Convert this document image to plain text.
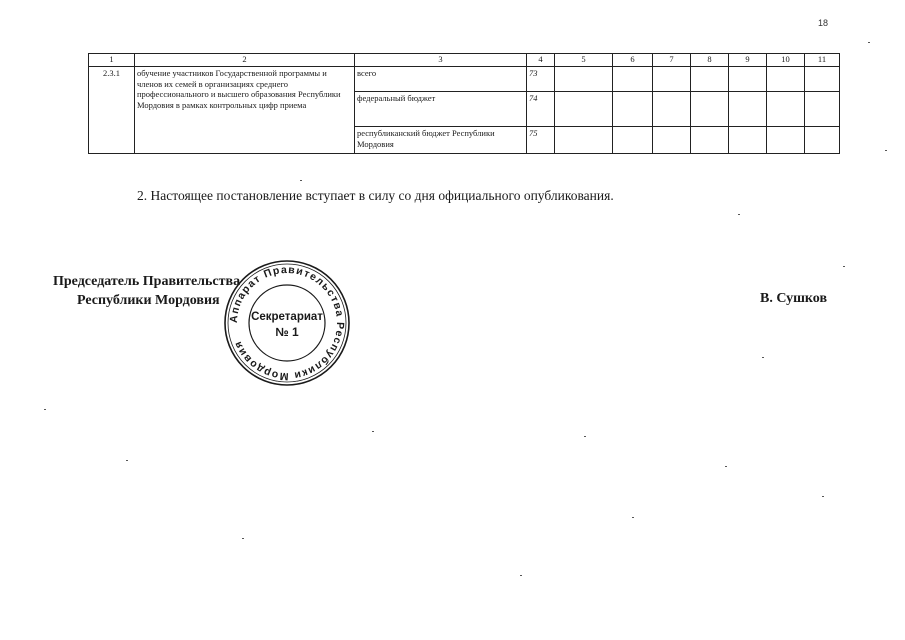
18
1	2	3	4	5	6	7	8	9	10	11
2.3.1	обучение участников Государственной программы и членов их семей в организациях среднего профессионального и высшего образования Республики Мордовия в рамках контрольных цифр приема	всего	73							
		федеральный бюджет	74							
		республиканский бюджет Республики Мордовия	75							
2. Настоящее постановление вступает в силу со дня официального опубликования.
Председатель Правительства
Республики Мордовия	В. Сушков
Аппарат Правительства Республики Мордовия
Секретариат
№ 1
